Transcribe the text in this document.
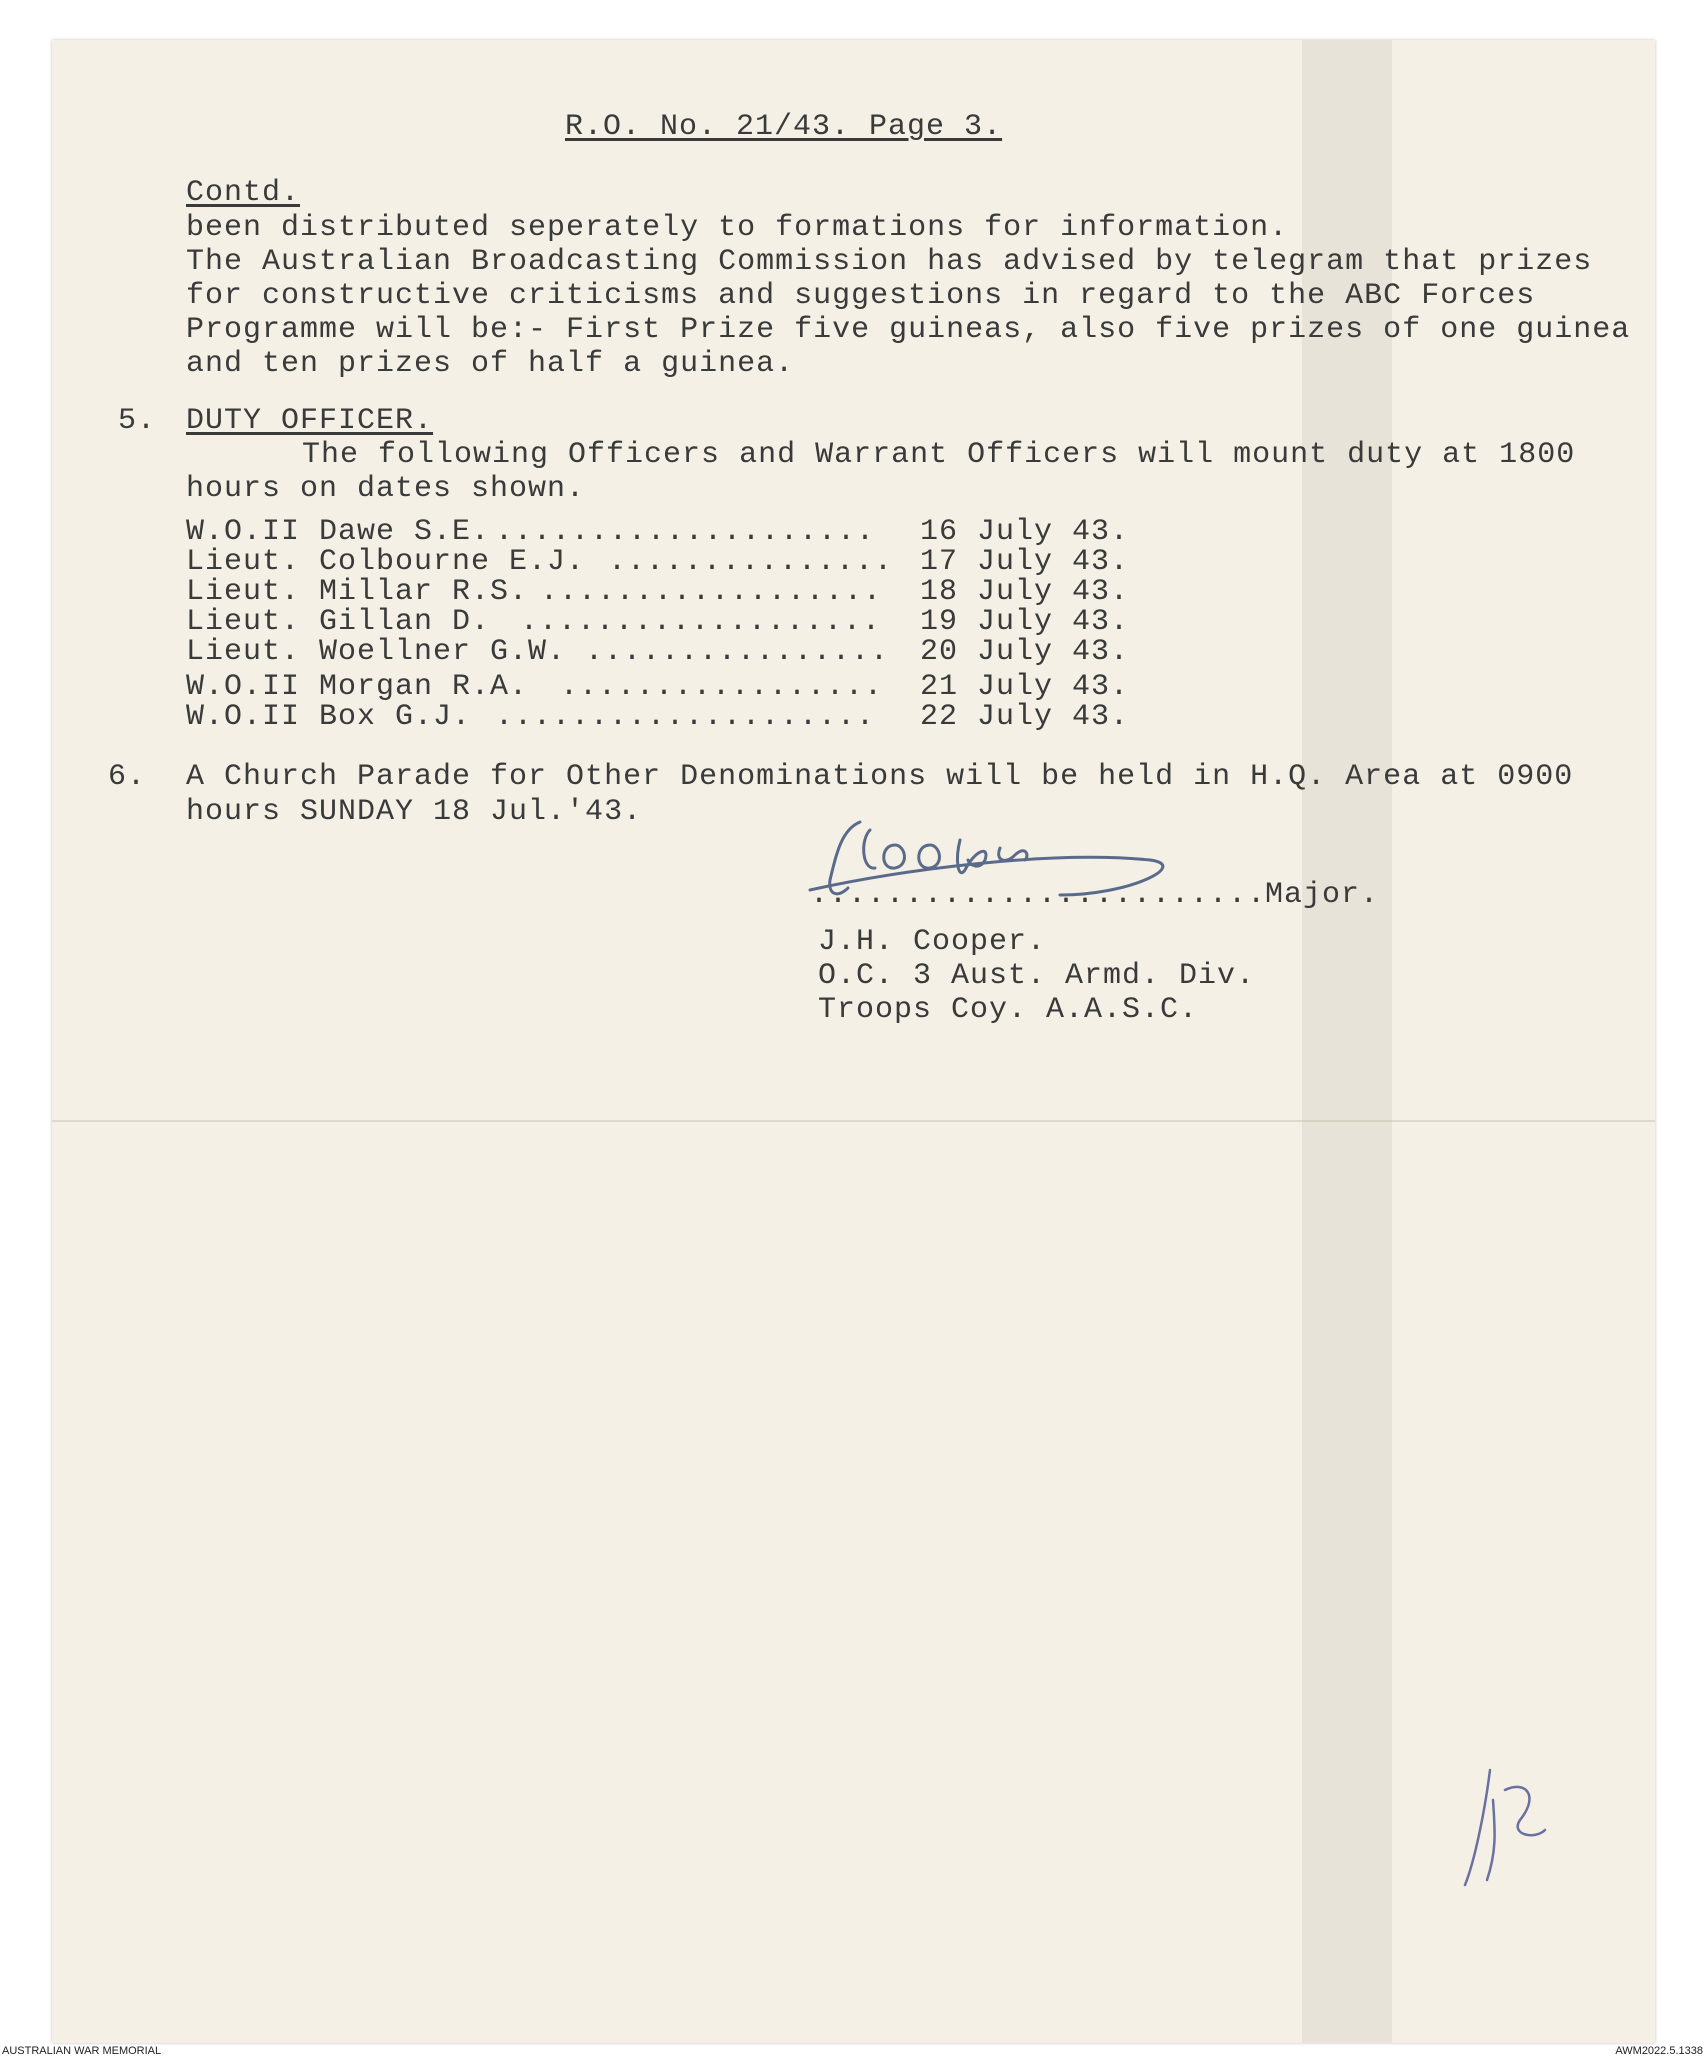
R.O. No. 21/43. Page 3.
Contd.
been distributed seperately to formations for information.
The Australian Broadcasting Commission has advised by telegram that prizes
for constructive criticisms and suggestions in regard to the ABC Forces
Programme will be:- First Prize five guineas, also five prizes of one guinea
and ten prizes of half a guinea.
5. DUTY OFFICER.
The following Officers and Warrant Officers will mount duty at 1800
hours on dates shown.
W.O.II Dawe S.E. .................... 16 July 43.
Lieut. Colbourne E.J. ............... 17 July 43.
Lieut. Millar R.S. .................. 18 July 43.
Lieut. Gillan D. ................... 19 July 43.
Lieut. Woellner G.W. ................ 20 July 43.
W.O.II Morgan R.A. ................. 21 July 43.
W.O.II Box G.J. .................... 22 July 43.
6. A Church Parade for Other Denominations will be held in H.Q. Area at 0900
hours SUNDAY 18 Jul.'43.
........................
Major.
J.H. Cooper.
O.C. 3 Aust. Armd. Div.
Troops Coy. A.A.S.C.
AUSTRALIAN WAR MEMORIAL	AWM2022.5.1338
